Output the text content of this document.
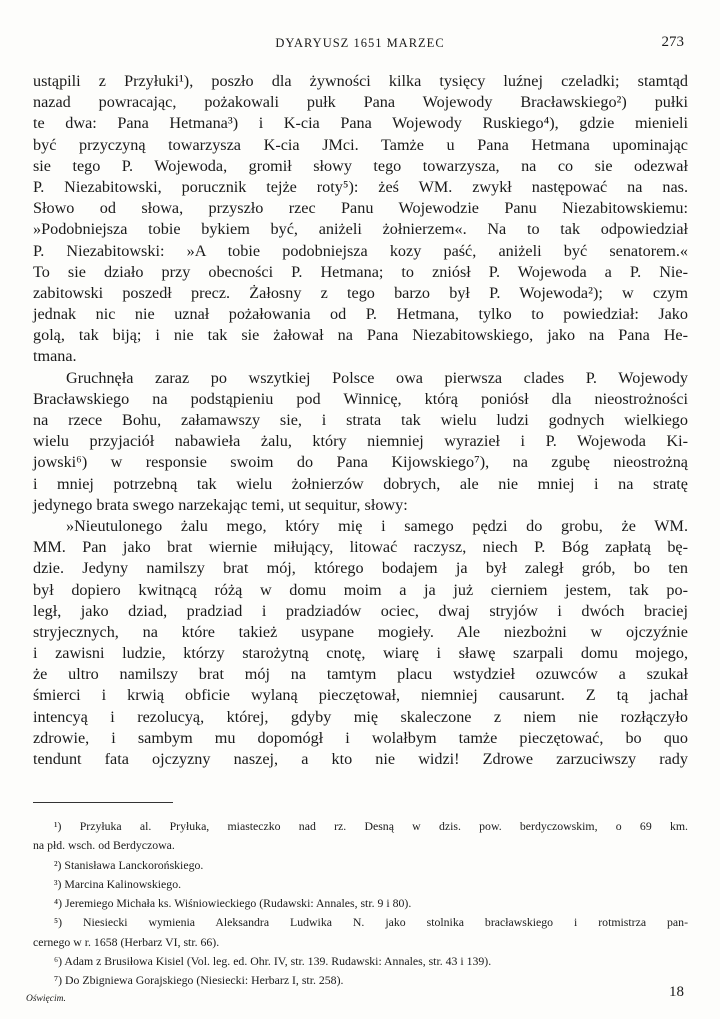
DYARYUSZ 1651 MARZEC	273
ustąpili z Przyłuki¹), poszło dla żywności kilka tysięcy luźnej czeladki; stamtąd
nazad powracając, pożakowali pułk Pana Wojewody Bracławskiego²) pułki
te dwa: Pana Hetmana³) i K-cia Pana Wojewody Ruskiego⁴), gdzie mienieli
być przyczyną towarzysza K-cia JMci. Tamże u Pana Hetmana upominając
sie tego P. Wojewoda, gromił słowy tego towarzysza, na co sie odezwał
P. Niezabitowski, porucznik tejże roty⁵): żeś WM. zwykł następować na nas.
Słowo od słowa, przyszło rzec Panu Wojewodzie Panu Niezabitowskiemu:
»Podobniejsza tobie bykiem być, aniżeli żołnierzem«. Na to tak odpowiedział
P. Niezabitowski: »A tobie podobniejsza kozy paść, aniżeli być senatorem.«
To sie działo przy obecności P. Hetmana; to zniósł P. Wojewoda a P. Nie-
zabitowski poszedł precz. Żałosny z tego barzo był P. Wojewoda²); w czym
jednak nic nie uznał pożałowania od P. Hetmana, tylko to powiedział: Jako
golą, tak biją; i nie tak sie żałował na Pana Niezabitowskiego, jako na Pana He-
tmana.
Gruchnęła zaraz po wszytkiej Polsce owa pierwsza clades P. Wojewody
Bracławskiego na podstąpieniu pod Winnicę, którą poniósł dla nieostrożności
na rzece Bohu, załamawszy sie, i strata tak wielu ludzi godnych wielkiego
wielu przyjaciół nabawieła żalu, który niemniej wyraziеł i P. Wojewoda Ki-
jowski⁶) w responsie swoim do Pana Kijowskiego⁷), na zgubę nieostrożną
i mniej potrzebną tak wielu żołnierzów dobrych, ale nie mniej i na stratę
jedynego brata swego narzekając temi, ut sequitur, słowy:
»Nieutulonego żalu mego, który mię i samego pędzi do grobu, że WM.
MM. Pan jako brat wiernie miłujący, litować raczysz, niech P. Bóg zapłatą bę-
dzie. Jedyny namilszy brat mój, którego bodajem ja był zaległ grób, bo ten
był dopiero kwitnącą różą w domu moim a ja już cierniem jestem, tak po-
legł, jako dziad, pradziad i pradziadów ociec, dwaj stryjów i dwóch braciej
stryjecznych, na które takież usypane mogieły. Ale niezbożni w ojczyźnie
i zawisni ludzie, którzy starożytną cnotę, wiarę i sławę szarpali domu mojego,
że ultro namilszy brat mój na tamtym placu wstydzieł ozuwców a szukał
śmierci i krwią obficie wylaną pieczętował, niemniej causarunt. Z tą jachał
intencyą i rezolucyą, której, gdyby mię skaleczone z niem nie rozłączyło
zdrowie, i sambym mu dopomógł i wolałbym tamże pieczętować, bo quo
tendunt fata ojczyzny naszej, a kto nie widzi! Zdrowe zarzuciwszy rady
¹) Przyłuka al. Pryłuka, miasteczko nad rz. Desną w dzis. pow. berdyczowskim, o 69 km.
na płd. wsch. od Berdyczowa.
²) Stanisława Lanckorońskiego.
³) Marcina Kalinowskiego.
⁴) Jeremiego Michała ks. Wiśniowieckiego (Rudawski: Annales, str. 9 i 80).
⁵) Niesiecki wymienia Aleksandra Ludwika N. jako stolnika bracławskiego i rotmistrza pan-
cernego w r. 1658 (Herbarz VI, str. 66).
⁶) Adam z Brusiłowa Kisiel (Vol. leg. ed. Ohr. IV, str. 139. Rudawski: Annales, str. 43 i 139).
⁷) Do Zbigniewa Gorajskiego (Niesiecki: Herbarz I, str. 258).
Oświęcim.	18
